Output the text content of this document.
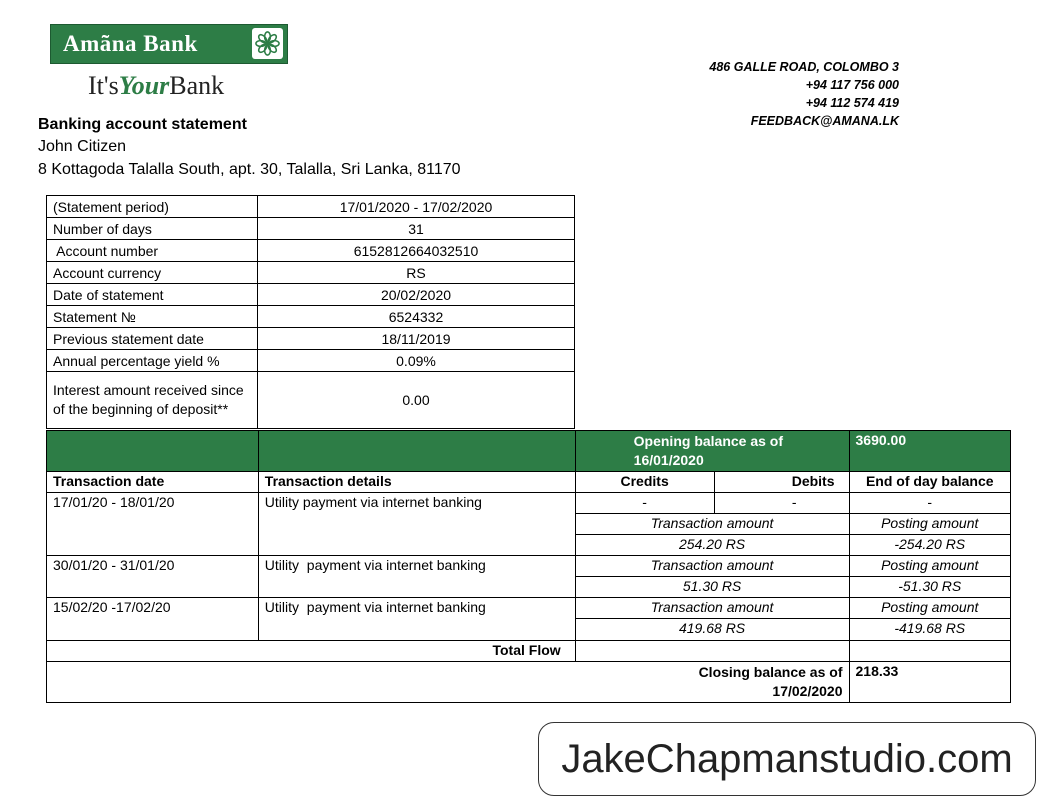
Amãna Bank
It'sYourBank
486 GALLE ROAD, COLOMBO 3
+94 117 756 000
+94 112 574 419
FEEDBACK@AMANA.LK
Banking account statement
John Citizen
8 Kottagoda Talalla South, apt. 30, Talalla, Sri Lanka, 81170
(Statement period)	17/01/2020 - 17/02/2020
Number of days	31
Account number	6152812664032510
Account currency	RS
Date of statement	20/02/2020
Statement №	6524332
Previous statement date	18/11/2019
Annual percentage yield %	0.09%
Interest amount received since of the beginning of deposit**	0.00
		Opening balance as of 16/01/2020		3690.00
Transaction date	Transaction details	Credits	Debits	End of day balance
17/01/20 - 18/01/20	Utility payment via internet banking	-	-	-
		Transaction amount		Posting amount
		254.20 RS		-254.20 RS
30/01/20 - 31/01/20	Utility  payment via internet banking	Transaction amount		Posting amount
		51.30 RS		-51.30 RS
15/02/20 -17/02/20	Utility  payment via internet banking	Transaction amount		Posting amount
		419.68 RS		-419.68 RS
Total Flow				
Closing balance as of 17/02/2020				218.33
JakeChapmanstudio.com
